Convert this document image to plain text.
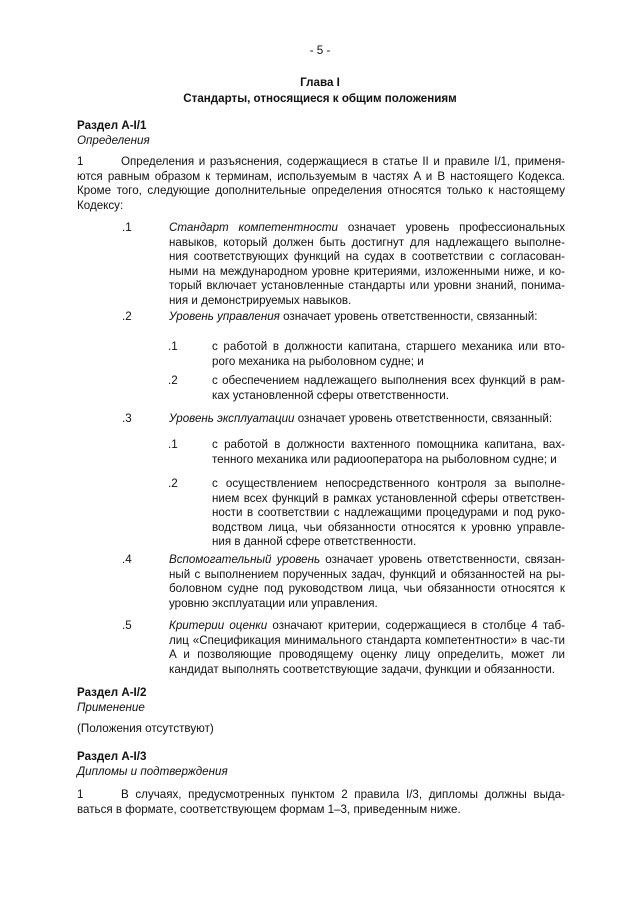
- 5 -
Глава I
Стандарты, относящиеся к общим положениям
Раздел A-I/1
Определения
1	Определения и разъяснения, содержащиеся в статье II и правиле I/1, применя-ются равным образом к терминам, используемым в частях A и B настоящего Кодекса. Кроме того, следующие дополнительные определения относятся только к настоящему Кодексу:
.1	Стандарт компетентности означает уровень профессиональных навыков, который должен быть достигнут для надлежащего выполне-ния соответствующих функций на судах в соответствии с согласован-ными на международном уровне критериями, изложенными ниже, и ко-торый включает установленные стандарты или уровни знаний, понима-ния и демонстрируемых навыков.
.2	Уровень управления означает уровень ответственности, связанный:
.1	с работой в должности капитана, старшего механика или вто-рого механика на рыболовном судне; и
.2	с обеспечением надлежащего выполнения всех функций в рам-ках установленной сферы ответственности.
.3	Уровень эксплуатации означает уровень ответственности, связанный:
.1	с работой в должности вахтенного помощника капитана, вах-тенного механика или радиооператора на рыболовном судне; и
.2	с осуществлением непосредственного контроля за выполне-нием всех функций в рамках установленной сферы ответствен-ности в соответствии с надлежащими процедурами и под руко-водством лица, чьи обязанности относятся к уровню управле-ния в данной сфере ответственности.
.4	Вспомогательный уровень означает уровень ответственности, связан-ный с выполнением порученных задач, функций и обязанностей на ры-боловном судне под руководством лица, чьи обязанности относятся к уровню эксплуатации или управления.
.5	Критерии оценки означают критерии, содержащиеся в столбце 4 таб-лиц «Спецификация минимального стандарта компетентности» в час-ти A и позволяющие проводящему оценку лицу определить, может ли кандидат выполнять соответствующие задачи, функции и обязанности.
Раздел A-I/2
Применение
(Положения отсутствуют)
Раздел A-I/3
Дипломы и подтверждения
1	В случаях, предусмотренных пунктом 2 правила I/3, дипломы должны выда-ваться в формате, соответствующем формам 1–3, приведенным ниже.
